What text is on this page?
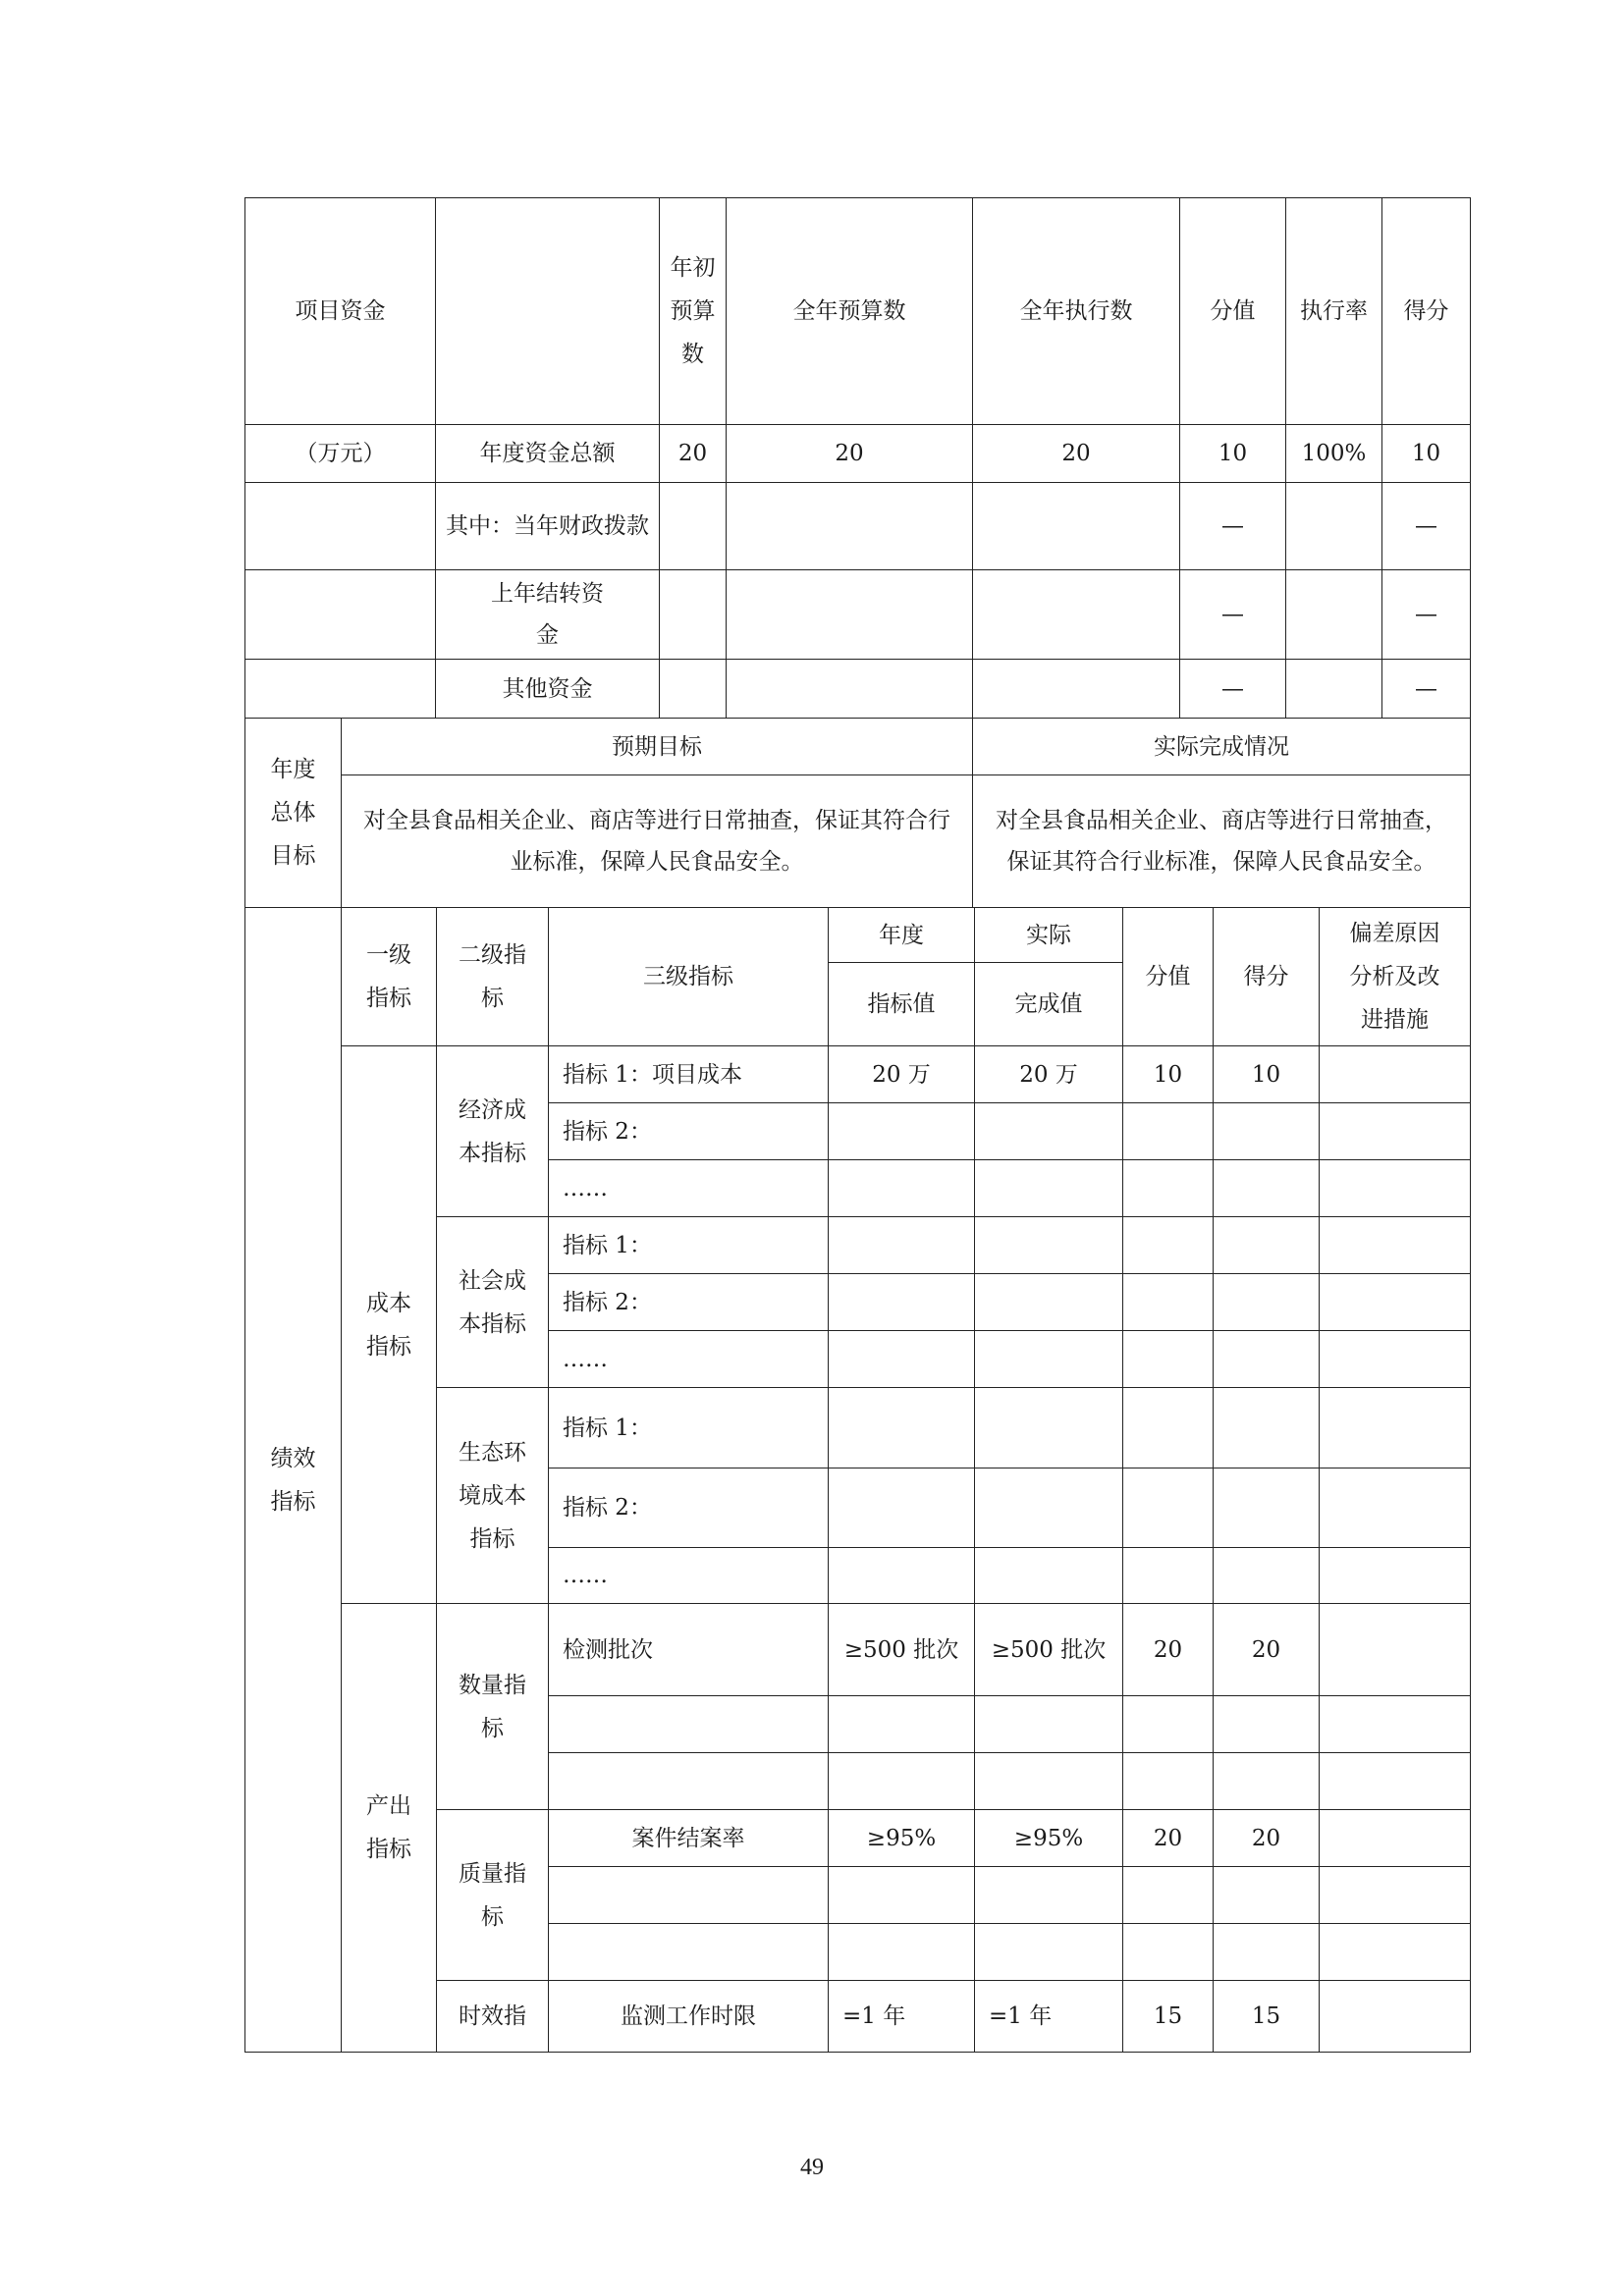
项目资金		年初预算数	全年预算数	全年执行数	分值	执行率	得分
（万元）	年度资金总额	20	20	20	10	100%	10
	其中：当年财政拨款				—		—
	上年结转资金				—		—
	其他资金				—		—
年度总体目标	预期目标	实际完成情况
	对全县食品相关企业、商店等进行日常抽查，保证其符合行业标准，保障人民食品安全。	对全县食品相关企业、商店等进行日常抽查，保证其符合行业标准，保障人民食品安全。
绩效指标	一级指标	二级指标	三级指标	年度	实际	分值	得分	偏差原因分析及改进措施
				指标值	完成值			
	成本指标	经济成本指标	指标 1：项目成本	20 万	20 万	10	10	
			指标 2：					
			……					
		社会成本指标	指标 1：					
			指标 2：					
			……					
		生态环境成本指标	指标 1：					
			指标 2：					
			……					
	产出指标	数量指标	检测批次	≥500 批次	≥500 批次	20	20	

		质量指标	案件结案率	≥95%	≥95%	20	20	

		时效指	监测工作时限	=1 年	=1 年	15	15	
49
